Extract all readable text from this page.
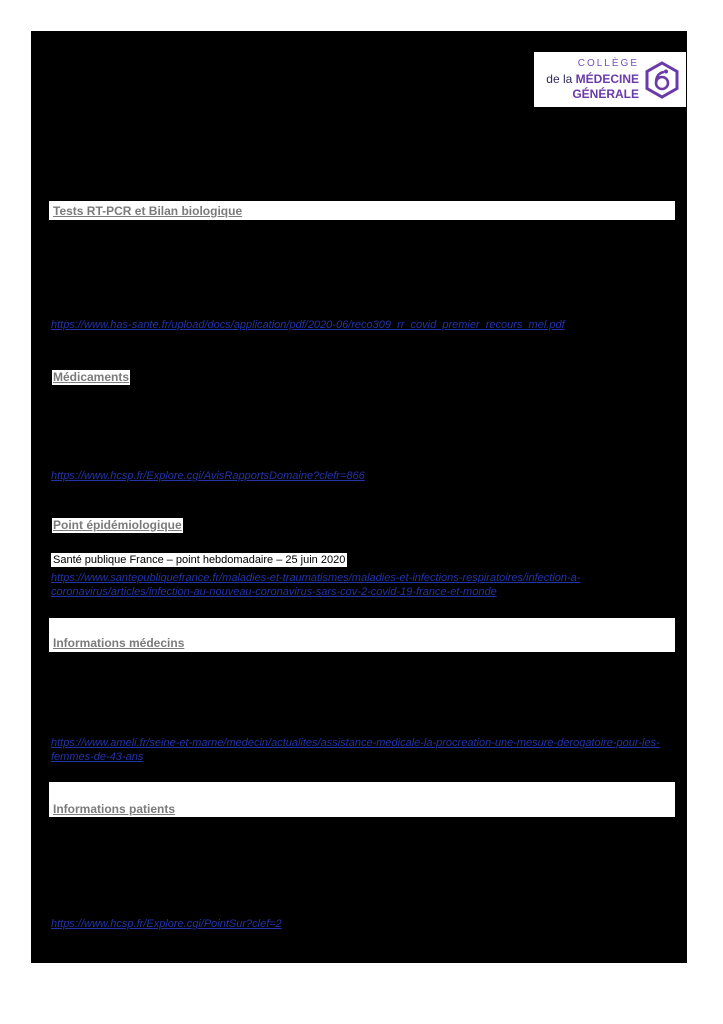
COLLÈGE
de la MÉDECINE
GÉNÉRALE
Tests RT-PCR et Bilan biologique
https://www.has-sante.fr/upload/docs/application/pdf/2020-06/reco309_rr_covid_premier_recours_mel.pdf
Médicaments
https://www.hcsp.fr/Explore.cgi/AvisRapportsDomaine?clefr=866
Point épidémiologique
Santé publique France – point hebdomadaire – 25 juin 2020
https://www.santepubliquefrance.fr/maladies-et-traumatismes/maladies-et-infections-respiratoires/infection-a-coronavirus/articles/infection-au-nouveau-coronavirus-sars-cov-2-covid-19-france-et-monde
Informations médecins
https://www.ameli.fr/seine-et-marne/medecin/actualites/assistance-medicale-la-procreation-une-mesure-derogatoire-pour-les-femmes-de-43-ans
Informations patients
https://www.hcsp.fr/Explore.cgi/PointSur?clef=2
